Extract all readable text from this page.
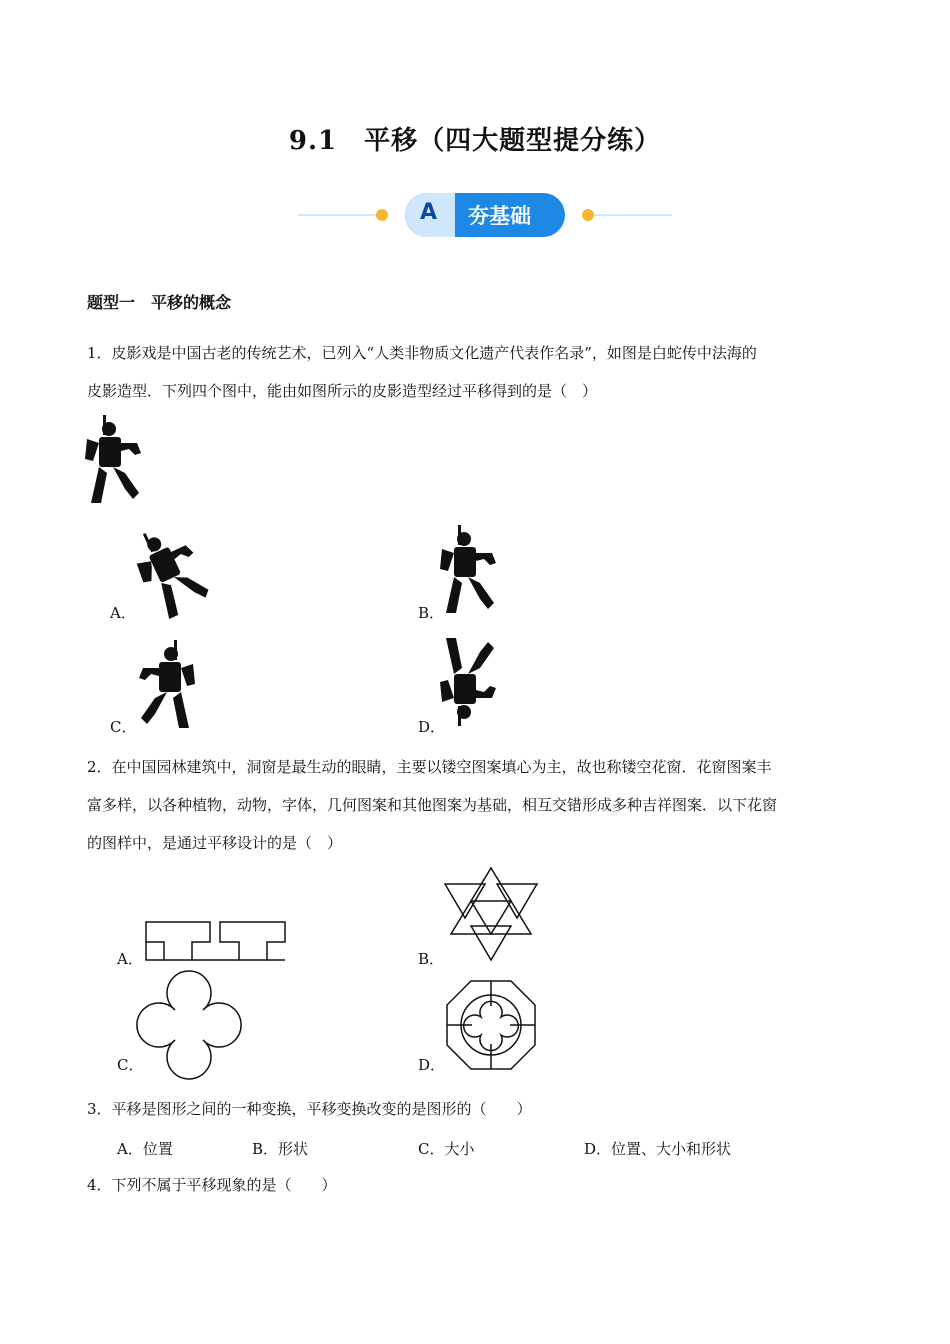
9.1　平移（四大题型提分练）
A 夯基础
题型一　平移的概念
1．皮影戏是中国古老的传统艺术，已列入“人类非物质文化遗产代表作名录”，如图是白蛇传中法海的
皮影造型．下列四个图中，能由如图所示的皮影造型经过平移得到的是（　）
A．	B．
C．	D．
2．在中国园林建筑中，洞窗是最生动的眼睛，主要以镂空图案填心为主，故也称镂空花窗．花窗图案丰
富多样，以各种植物，动物，字体，几何图案和其他图案为基础，相互交错形成多种吉祥图案．以下花窗
的图样中，是通过平移设计的是（　）
A．	B．
C．	D．
3．平移是图形之间的一种变换，平移变换改变的是图形的（　　）
A．位置	B．形状	C．大小	D．位置、大小和形状
4．下列不属于平移现象的是（　　）
